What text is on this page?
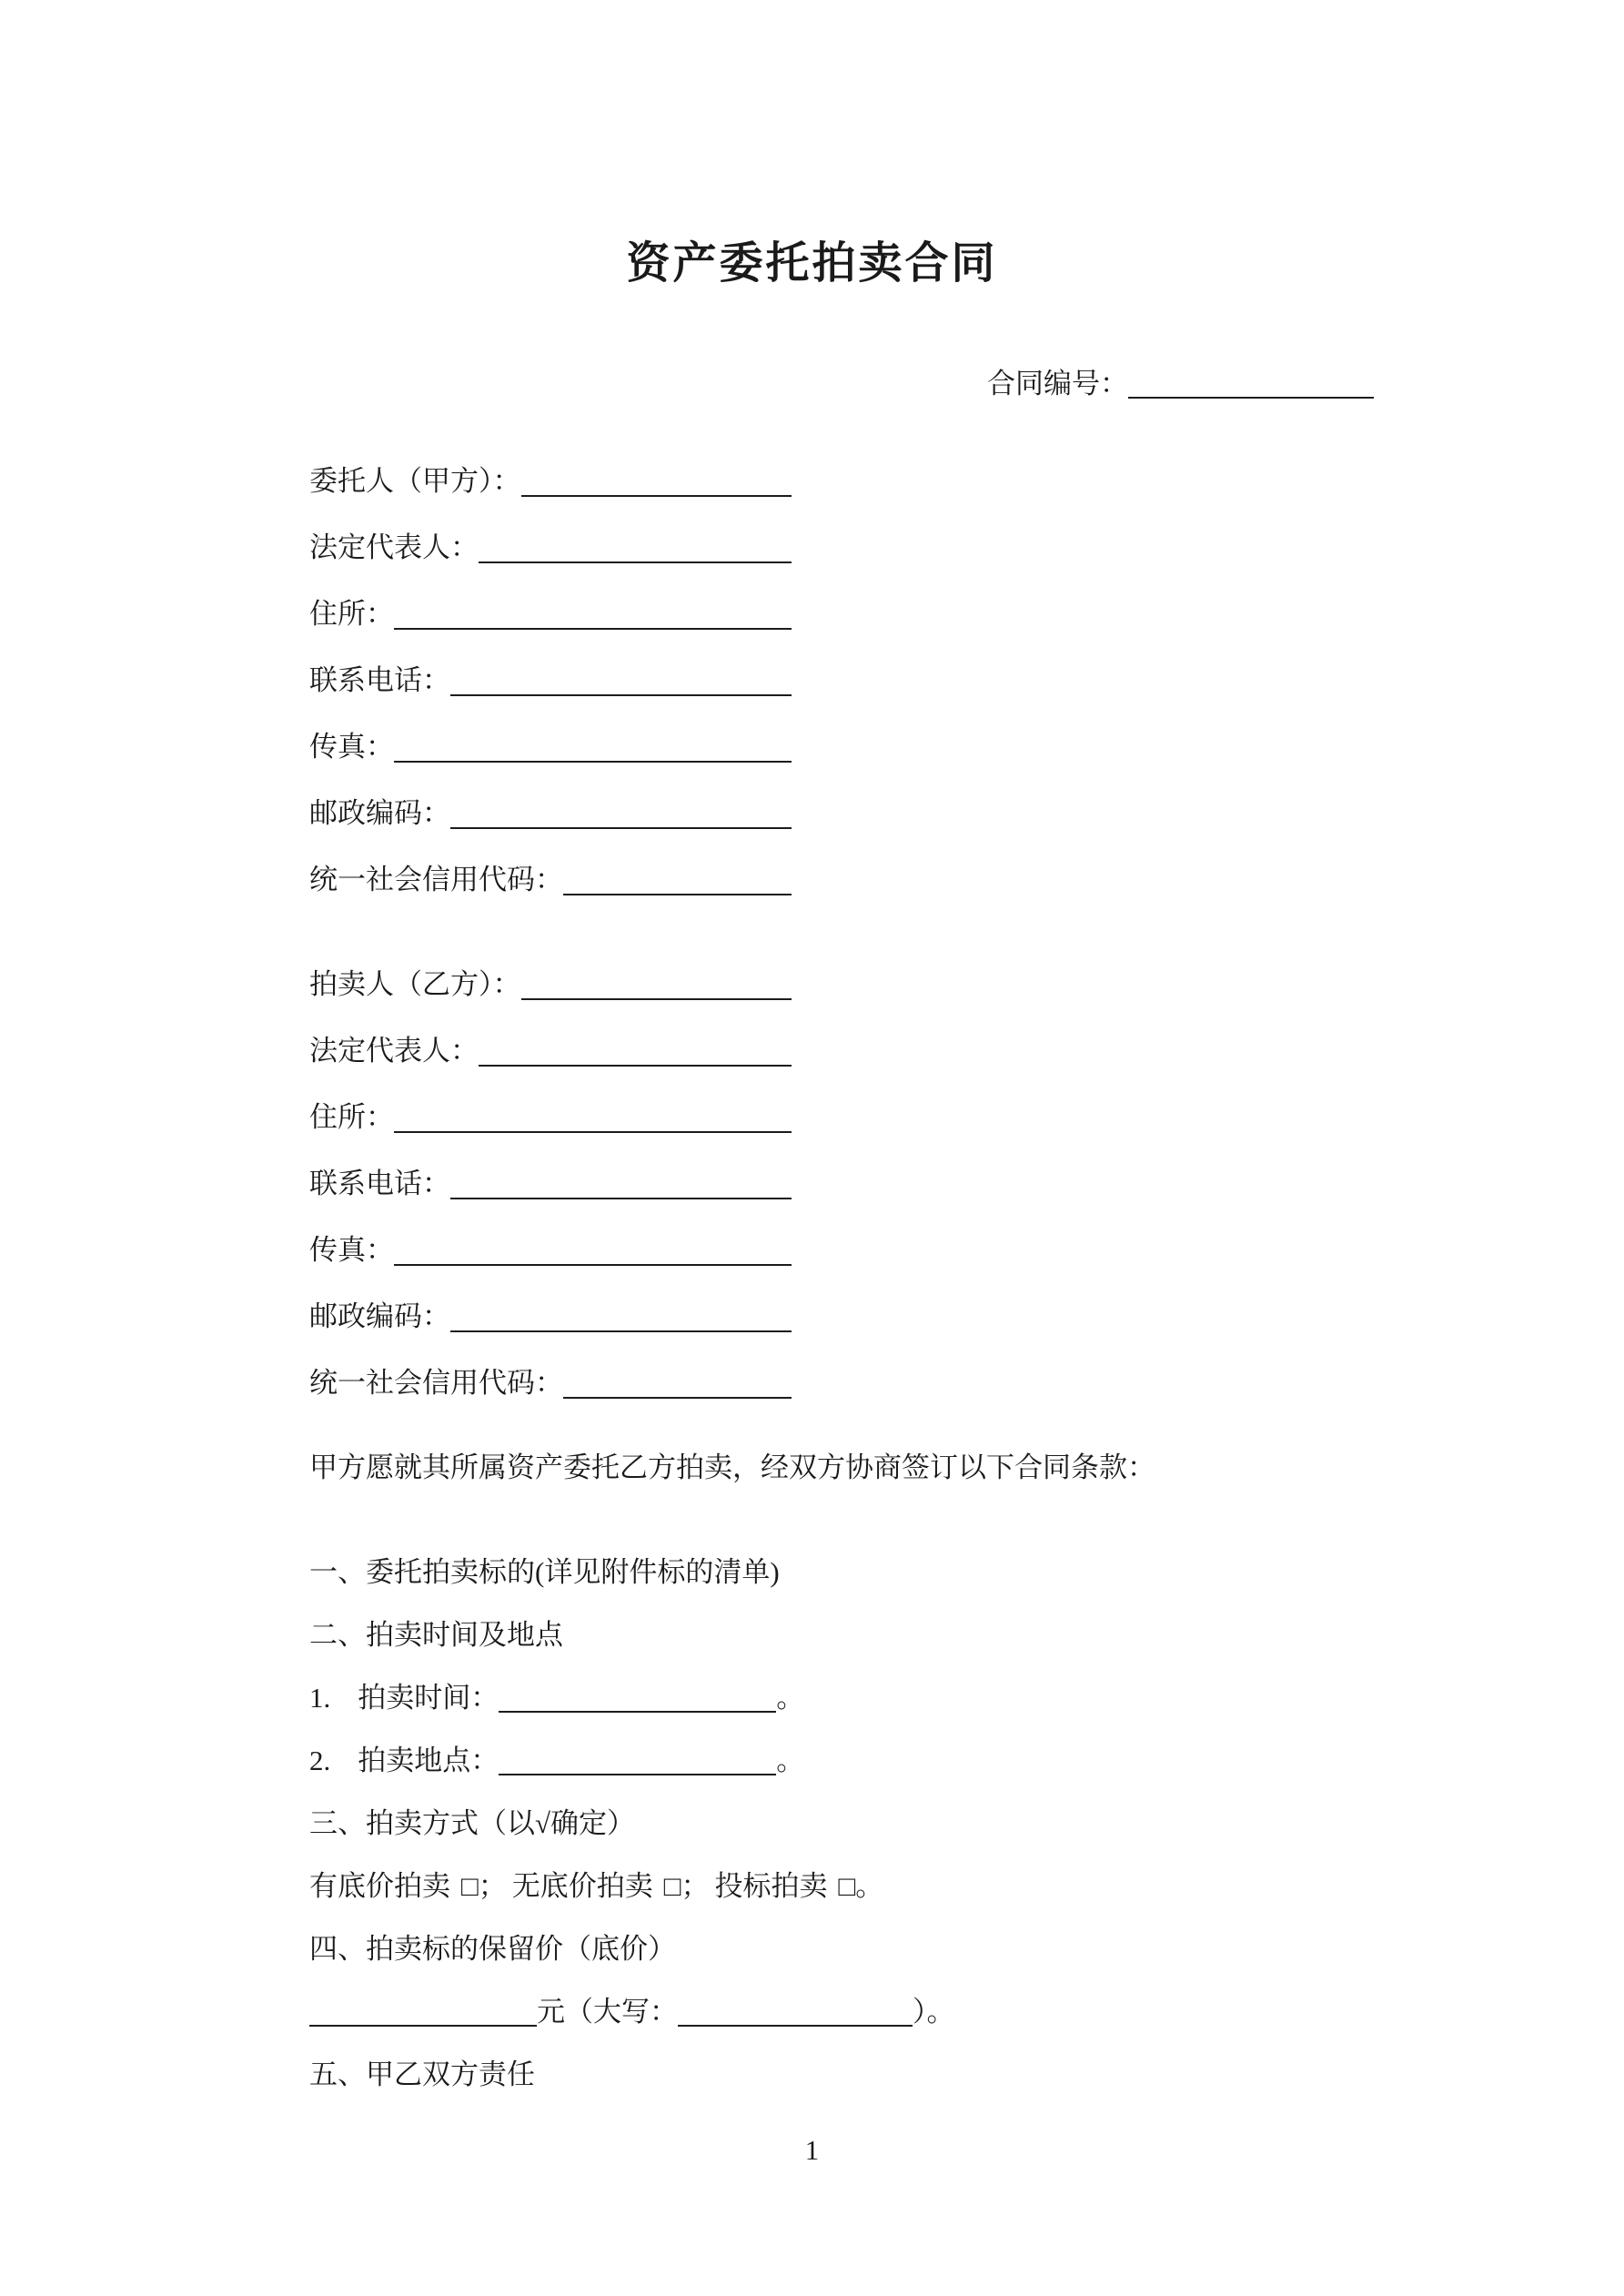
资产委托拍卖合同
合同编号：
委托人（甲方）：
法定代表人：
住所：
联系电话：
传真：
邮政编码：
统一社会信用代码：
拍卖人（乙方）：
法定代表人：
住所：
联系电话：
传真：
邮政编码：
统一社会信用代码：

甲方愿就其所属资产委托乙方拍卖，经双方协商签订以下合同条款：

一、委托拍卖标的(详见附件标的清单)
二、拍卖时间及地点
1. 拍卖时间：	。
2. 拍卖地点：	。
三、拍卖方式（以√确定）
有底价拍卖 □； 无底价拍卖 □； 投标拍卖 □。
四、拍卖标的保留价（底价）
元（大写：	）。
五、甲乙双方责任
1
